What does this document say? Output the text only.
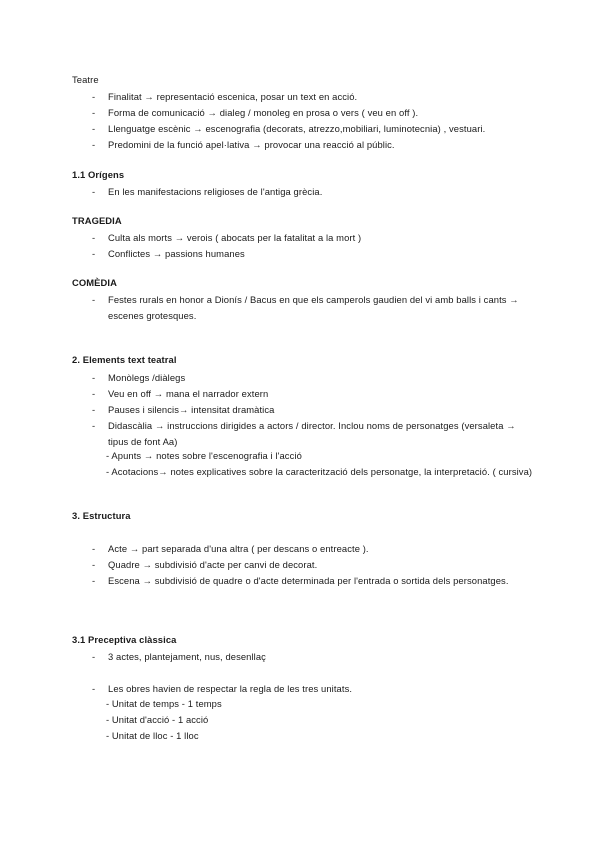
Teatre
- Finalitat → representació escenica, posar un text en acció.
- Forma de comunicació → dialeg / monoleg en prosa o vers ( veu en off ).
- Llenguatge escènic → escenografia (decorats, atrezzo,mobiliari, luminotecnia) , vestuari.
- Predomini de la funció apel·lativa → provocar una reacció al públic.
1.1 Orígens
- En les manifestacions religioses de l'antiga grècia.
TRAGEDIA
- Culta als morts → verois ( abocats per la fatalitat a la mort )
- Conflictes → passions humanes
COMÈDIA
- Festes rurals en honor a Dionís / Bacus en que els camperols gaudien del vi amb balls i cants → escenes grotesques.
2. Elements text teatral
- Monòlegs /diàlegs
- Veu en off → mana el narrador extern
- Pauses i silencis→ intensitat dramàtica
- Didascàlia → instruccions dirigides a actors / director. Inclou noms de personatges (versaleta → tipus de font Aa)
- Apunts → notes sobre l'escenografia i l'acció
- Acotacions→ notes explicatives sobre la caracterització dels personatge, la interpretació. ( cursiva)
3. Estructura
- Acte → part separada d'una altra ( per descans o entreacte ).
- Quadre → subdivisió d'acte per canvi de decorat.
- Escena → subdivisió de quadre o d'acte determinada per l'entrada o sortida dels personatges.
3.1 Preceptiva clàssica
- 3 actes, plantejament, nus, desenllaç
- Les obres havien de respectar la regla de les tres unitats.
- Unitat de temps - 1 temps
- Unitat d'acció - 1 acció
- Unitat de lloc - 1 lloc
